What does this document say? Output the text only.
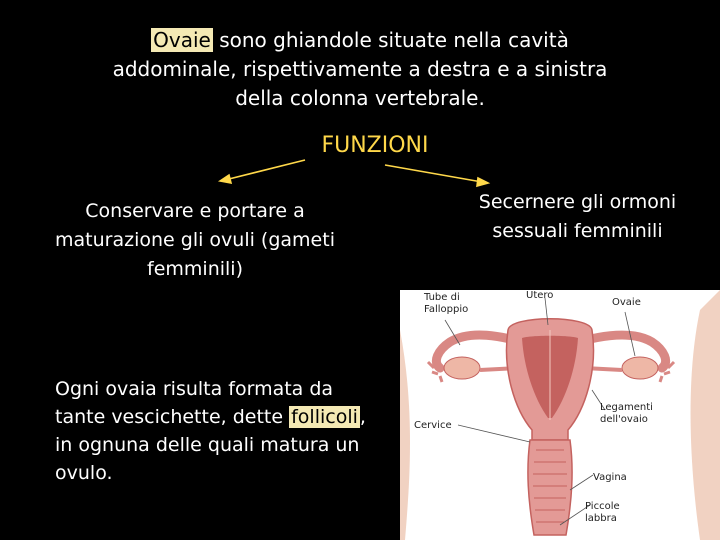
Ovaie sono ghiandole situate nella cavità addominale, rispettivamente a destra e a sinistra della colonna vertebrale.
FUNZIONI
Conservare e portare a maturazione gli ovuli (gameti femminili)
Secernere gli ormoni sessuali femminili
Ogni ovaia risulta formata da tante vescichette, dette follicoli , in ognuna delle quali matura un ovulo.
Tube di Falloppio
Utero
Ovaie
Legamenti dell'ovaio
Cervice
Vagina
Piccole labbra
